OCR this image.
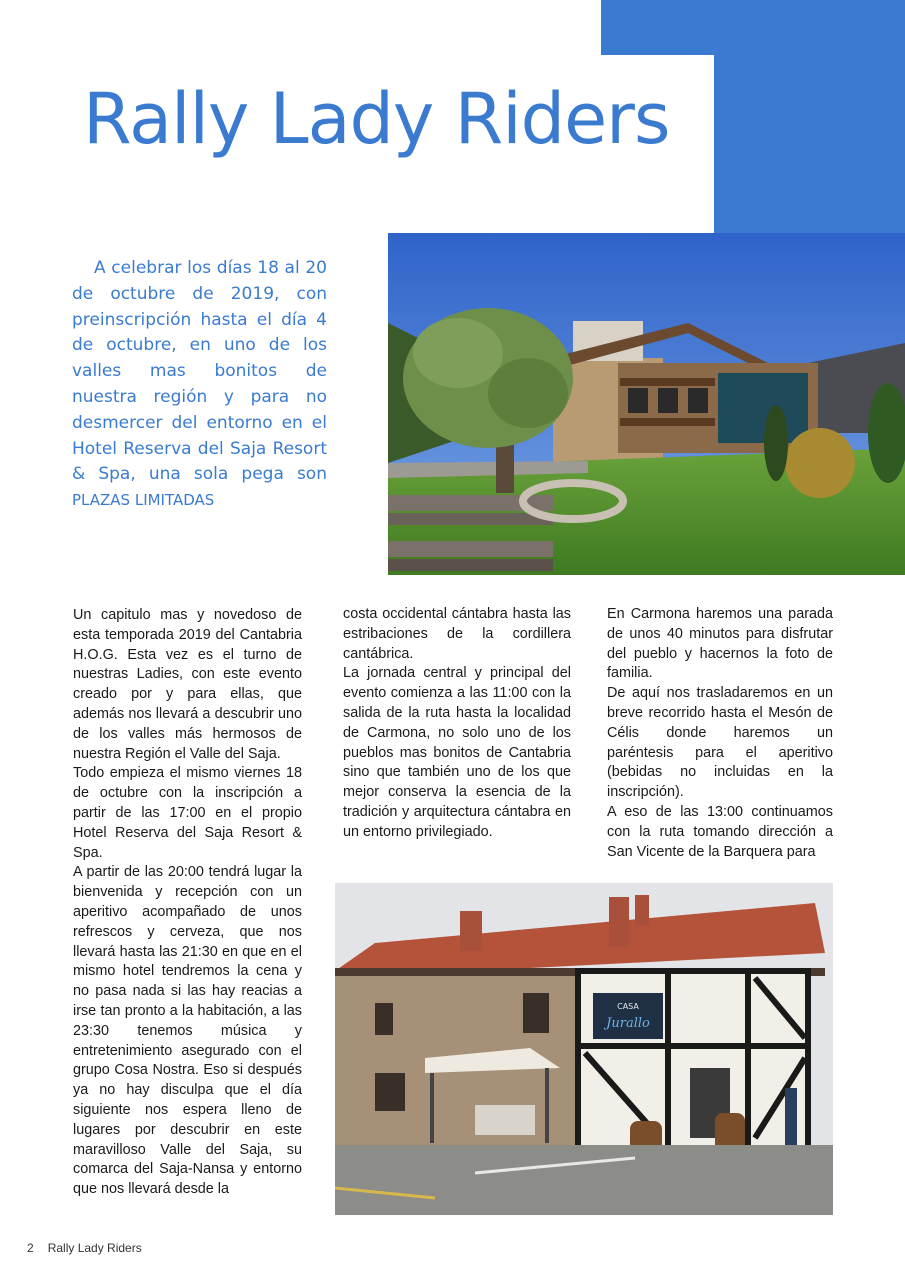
Rally Lady Riders
A celebrar los días 18 al 20 de octubre de 2019, con preinscripción hasta el día 4 de octubre, en uno de los valles mas bonitos de nuestra región y para no desmercer del entorno en el Hotel Reserva del Saja Resort & Spa, una sola pega son PLAZAS LIMITADAS
CASA
Jurallo

Un capitulo mas y novedoso de esta temporada 2019 del Cantabria H.O.G. Esta vez es el turno de nuestras Ladies, con este evento creado por y para ellas, que además nos llevará a descubrir uno de los valles más hermosos de nuestra Región el Valle del Saja.

Todo empieza el mismo viernes 18 de octubre con la inscripción a partir de las 17:00 en el propio Hotel Reserva del Saja Resort & Spa.

A partir de las 20:00 tendrá lugar la bienvenida y recepción con un aperitivo acompañado de unos refrescos y cerveza, que nos llevará hasta las 21:30 en que en el mismo hotel tendremos la cena y no pasa nada si las hay reacias a irse tan pronto a la habitación, a las 23:30 tenemos música y entretenimiento asegurado con el grupo Cosa Nostra. Eso si después ya no hay disculpa que el día siguiente nos espera lleno de lugares por descubrir en este maravilloso Valle del Saja, su comarca del Saja-Nansa y entorno que nos llevará desde la

costa occidental cántabra hasta las estribaciones de la cordillera cantábrica.

La jornada central y principal del evento comienza a las 11:00 con la salida de la ruta hasta la localidad de Carmona, no solo uno de los pueblos mas bonitos de Cantabria sino que también uno de los que mejor conserva la esencia de la tradición y arquitectura cántabra en un entorno privilegiado.

En Carmona haremos una parada de unos 40 minutos para disfrutar del pueblo y hacernos la foto de familia.

De aquí nos trasladaremos en un breve recorrido hasta el Mesón de Célis donde haremos un paréntesis para el aperitivo (bebidas no incluidas en la inscripción).

A eso de las 13:00 continuamos con la ruta tomando dirección a San Vicente de la Barquera para

2 Rally Lady Riders
